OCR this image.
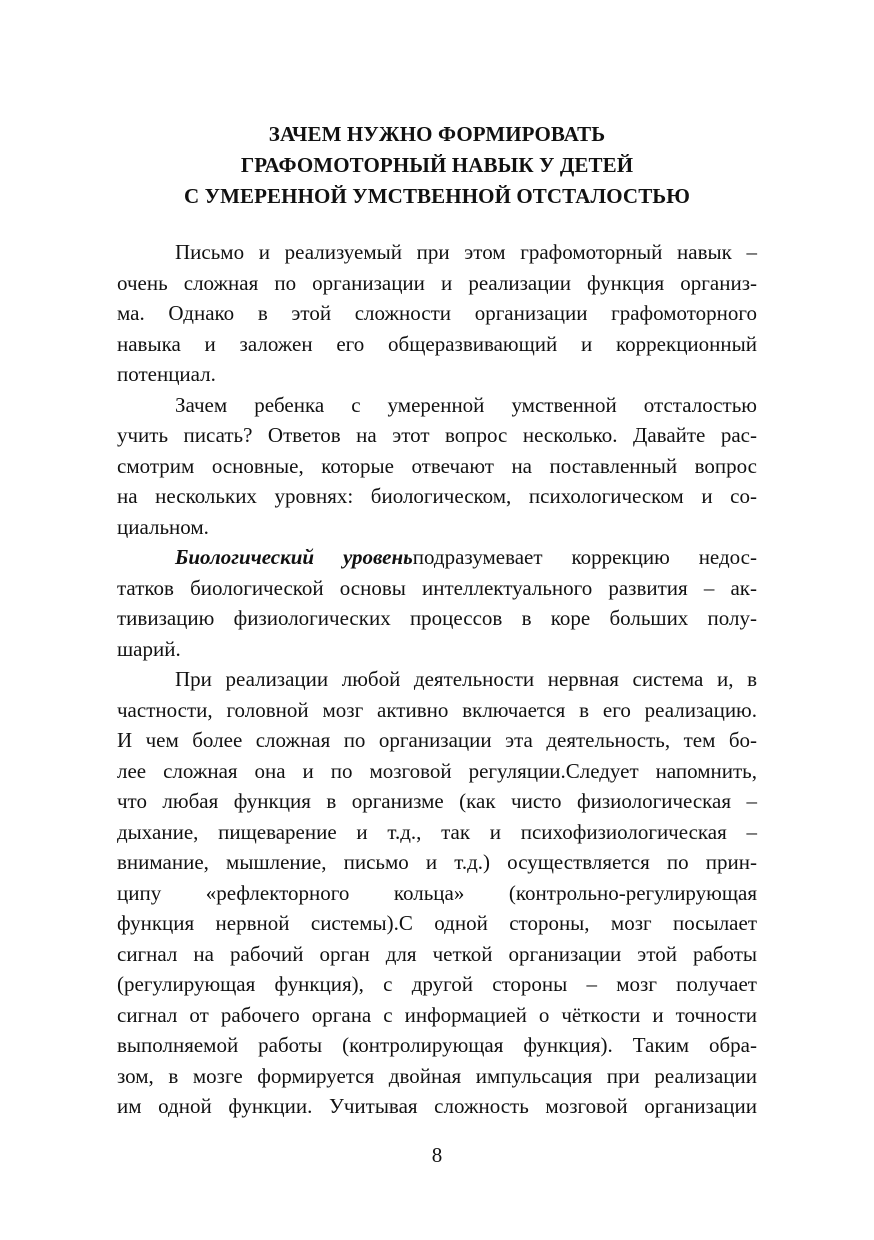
ЗАЧЕМ НУЖНО ФОРМИРОВАТЬ
ГРАФОМОТОРНЫЙ НАВЫК У ДЕТЕЙ
С УМЕРЕННОЙ УМСТВЕННОЙ ОТСТАЛОСТЬЮ
Письмо и реализуемый при этом графомоторный навык –
очень сложная по организации и реализации функция организ-
ма. Однако в этой сложности организации графомоторного
навыка и заложен его общеразвивающий и коррекционный
потенциал.
Зачем ребенка с умеренной умственной отсталостью
учить писать? Ответов на этот вопрос несколько. Давайте рас-
смотрим основные, которые отвечают на поставленный вопрос
на нескольких уровнях: биологическом, психологическом и со-
циальном.
Биологический уровеньподразумевает коррекцию недос-
татков биологической основы интеллектуального развития – ак-
тивизацию физиологических процессов в коре больших полу-
шарий.
При реализации любой деятельности нервная система и, в
частности, головной мозг активно включается в его реализацию.
И чем более сложная по организации эта деятельность, тем бо-
лее сложная она и по мозговой регуляции.Следует напомнить,
что любая функция в организме (как чисто физиологическая –
дыхание, пищеварение и т.д., так и психофизиологическая –
внимание, мышление, письмо и т.д.) осуществляется по прин-
ципу «рефлекторного кольца» (контрольно-регулирующая
функция нервной системы).С одной стороны, мозг посылает
сигнал на рабочий орган для четкой организации этой работы
(регулирующая функция), с другой стороны – мозг получает
сигнал от рабочего органа с информацией о чёткости и точности
выполняемой работы (контролирующая функция). Таким обра-
зом, в мозге формируется двойная импульсация при реализации
им одной функции. Учитывая сложность мозговой организации
8
